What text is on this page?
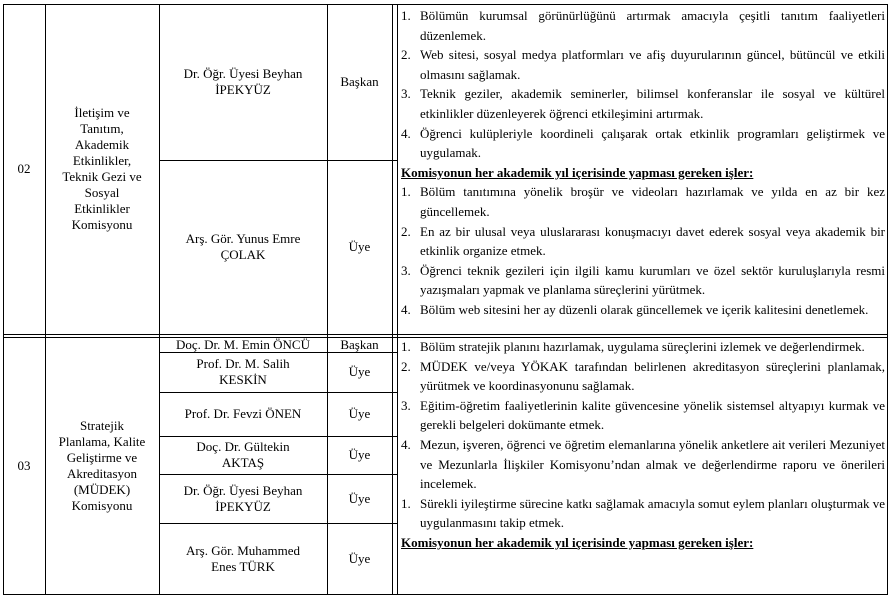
02
İletişim ve
Tanıtım,
Akademik
Etkinlikler,
Teknik Gezi ve
Sosyal
Etkinlikler
Komisyonu
Dr. Öğr. Üyesi Beyhan
İPEKYÜZ
Başkan
Arş. Gör. Yunus Emre
ÇOLAK
Üye
1. Bölümün kurumsal görünürlüğünü artırmak amacıyla çeşitli tanıtım faaliyetleri düzenlemek.
2. Web sitesi, sosyal medya platformları ve afiş duyurularının güncel, bütüncül ve etkili olmasını sağlamak.
3. Teknik geziler, akademik seminerler, bilimsel konferanslar ile sosyal ve kültürel etkinlikler düzenleyerek öğrenci etkileşimini artırmak.
4. Öğrenci kulüpleriyle koordineli çalışarak ortak etkinlik programları geliştirmek ve uygulamak.
Komisyonun her akademik yıl içerisinde yapması gereken işler:
1. Bölüm tanıtımına yönelik broşür ve videoları hazırlamak ve yılda en az bir kez güncellemek.
2. En az bir ulusal veya uluslararası konuşmacıyı davet ederek sosyal veya akademik bir etkinlik organize etmek.
3. Öğrenci teknik gezileri için ilgili kamu kurumları ve özel sektör kuruluşlarıyla resmi yazışmaları yapmak ve planlama süreçlerini yürütmek.
4. Bölüm web sitesini her ay düzenli olarak güncellemek ve içerik kalitesini denetlemek.
03
Stratejik
Planlama, Kalite
Geliştirme ve
Akreditasyon
(MÜDEK)
Komisyonu
Doç. Dr. M. Emin ÖNCÜ Başkan
Prof. Dr. M. Salih
KESKİN
Üye
Prof. Dr. Fevzi ÖNEN	Üye
Doç. Dr. Gültekin
AKTAŞ
Üye
Dr. Öğr. Üyesi Beyhan
İPEKYÜZ
Üye
Arş. Gör. Muhammed
Enes TÜRK
Üye
1. Bölüm stratejik planını hazırlamak, uygulama süreçlerini izlemek ve değerlendirmek.
2. MÜDEK ve/veya YÖKAK tarafından belirlenen akreditasyon süreçlerini planlamak, yürütmek ve koordinasyonunu sağlamak.
3. Eğitim-öğretim faaliyetlerinin kalite güvencesine yönelik sistemsel altyapıyı kurmak ve gerekli belgeleri dokümante etmek.
4. Mezun, işveren, öğrenci ve öğretim elemanlarına yönelik anketlere ait verileri Mezuniyet ve Mezunlarla İlişkiler Komisyonu’ndan almak ve değerlendirme raporu ve önerileri incelemek.
1. Sürekli iyileştirme sürecine katkı sağlamak amacıyla somut eylem planları oluşturmak ve uygulanmasını takip etmek.
Komisyonun her akademik yıl içerisinde yapması gereken işler:
